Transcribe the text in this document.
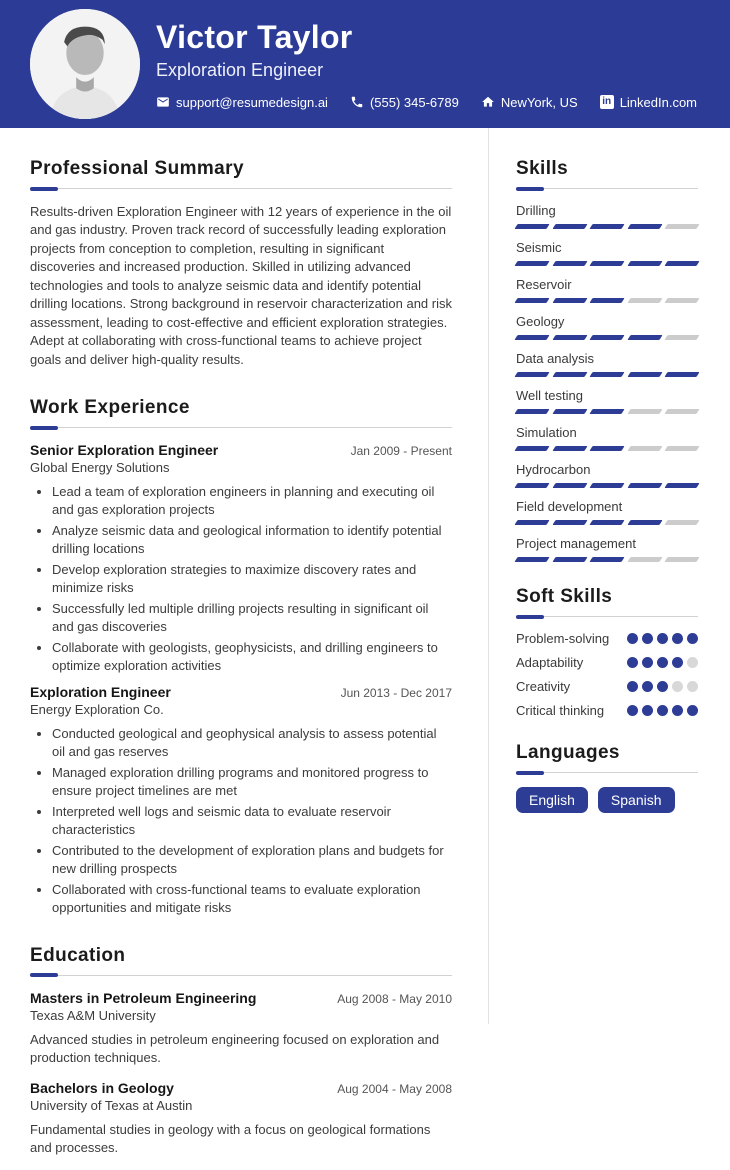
Victor Taylor
Exploration Engineer
support@resumedesign.ai	(555) 345-6789	NewYork, US in LinkedIn.com
Professional Summary

Results-driven Exploration Engineer with 12 years of experience in the oil and gas industry. Proven track record of successfully leading exploration projects from conception to completion, resulting in significant discoveries and increased production. Skilled in utilizing advanced technologies and tools to analyze seismic data and identify potential drilling locations. Strong background in reservoir characterization and risk assessment, leading to cost-effective and efficient exploration strategies. Adept at collaborating with cross-functional teams to achieve project goals and deliver high-quality results.

Work Experience
Senior Exploration Engineer	Jan 2009 - Present
Global Energy Solutions
• Lead a team of exploration engineers in planning and executing oil and gas exploration projects
• Analyze seismic data and geological information to identify potential drilling locations
• Develop exploration strategies to maximize discovery rates and minimize risks
• Successfully led multiple drilling projects resulting in significant oil and gas discoveries
• Collaborate with geologists, geophysicists, and drilling engineers to optimize exploration activities
Exploration Engineer	Jun 2013 - Dec 2017
Energy Exploration Co.
• Conducted geological and geophysical analysis to assess potential oil and gas reserves
• Managed exploration drilling programs and monitored progress to ensure project timelines are met
• Interpreted well logs and seismic data to evaluate reservoir characteristics
• Contributed to the development of exploration plans and budgets for new drilling prospects
• Collaborated with cross-functional teams to evaluate exploration opportunities and mitigate risks
Education
Masters in Petroleum Engineering	Aug 2008 - May 2010
Texas A&M University

Advanced studies in petroleum engineering focused on exploration and production techniques.

Bachelors in Geology	Aug 2004 - May 2008
University of Texas at Austin

Fundamental studies in geology with a focus on geological formations and processes.

Skills
Drilling
Seismic
Reservoir
Geology
Data analysis
Well testing
Simulation
Hydrocarbon
Field development
Project management
Soft Skills
Problem-solving
Adaptability
Creativity
Critical thinking
Languages
English	Spanish
